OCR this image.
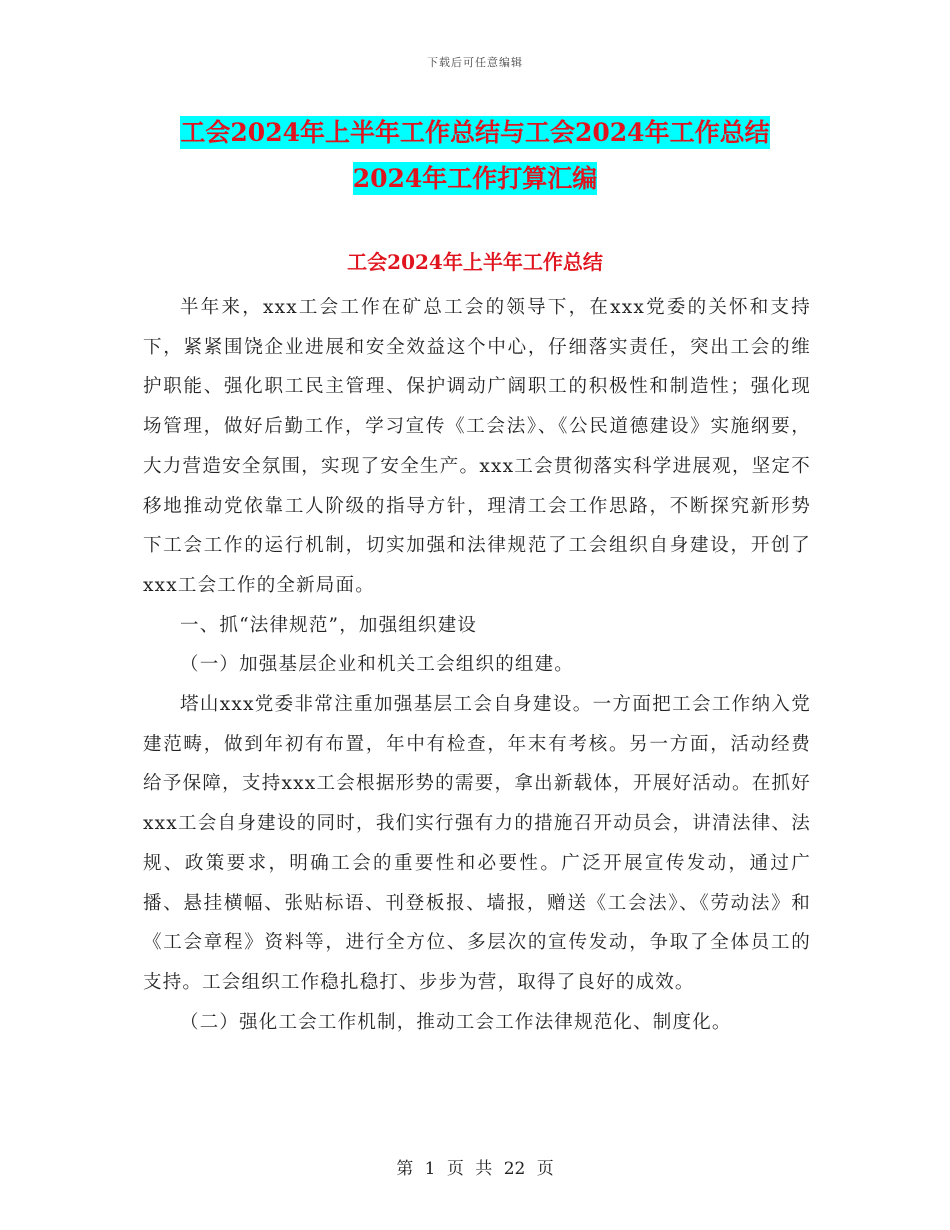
下载后可任意编辑
工会2024年上半年工作总结与工会2024年工作总结
2024年工作打算汇编
工会2024年上半年工作总结

半年来，xxx工会工作在矿总工会的领导下，在xxx党委的关怀和支持下，紧紧围饶企业进展和安全效益这个中心，仔细落实责任，突出工会的维护职能、强化职工民主管理、保护调动广阔职工的积极性和制造性；强化现场管理，做好后勤工作，学习宣传《工会法》、《公民道德建设》实施纲要，大力营造安全氛围，实现了安全生产。xxx工会贯彻落实科学进展观，坚定不移地推动党依靠工人阶级的指导方针，理清工会工作思路，不断探究新形势下工会工作的运行机制，切实加强和法律规范了工会组织自身建设，开创了xxx工会工作的全新局面。

一、抓“法律规范”，加强组织建设

（一）加强基层企业和机关工会组织的组建。

塔山xxx党委非常注重加强基层工会自身建设。一方面把工会工作纳入党建范畴，做到年初有布置，年中有检查，年末有考核。另一方面，活动经费给予保障，支持xxx工会根据形势的需要，拿出新载体，开展好活动。在抓好xxx工会自身建设的同时，我们实行强有力的措施召开动员会，讲清法律、法规、政策要求，明确工会的重要性和必要性。广泛开展宣传发动，通过广播、悬挂横幅、张贴标语、刊登板报、墙报，赠送《工会法》、《劳动法》和《工会章程》资料等，进行全方位、多层次的宣传发动，争取了全体员工的支持。工会组织工作稳扎稳打、步步为营，取得了良好的成效。

（二）强化工会工作机制，推动工会工作法律规范化、制度化。

第 1 页 共 22 页
